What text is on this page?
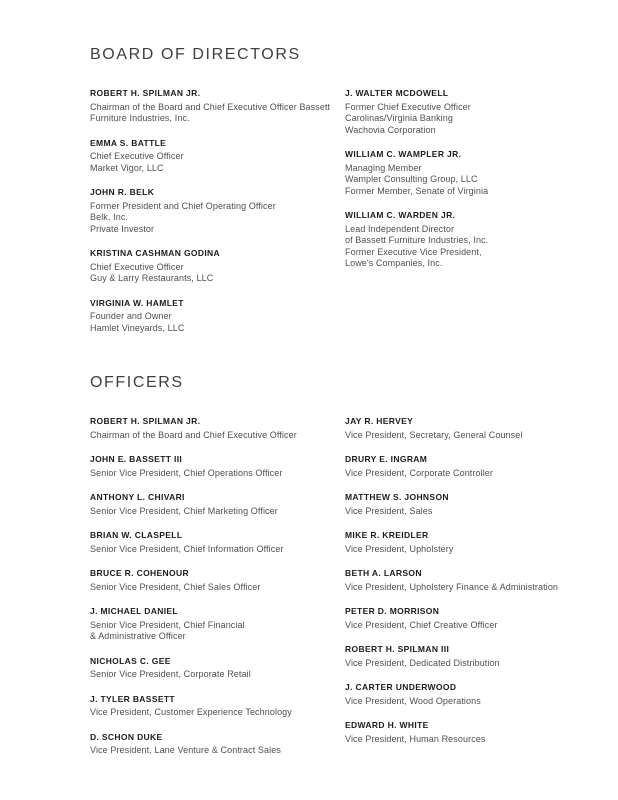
BOARD OF DIRECTORS
ROBERT H. SPILMAN JR.
Chairman of the Board and Chief Executive Officer Bassett
Furniture Industries, Inc.
EMMA S. BATTLE
Chief Executive Officer
Market Vigor, LLC
JOHN R. BELK
Former President and Chief Operating Officer
Belk, Inc.
Private Investor
KRISTINA CASHMAN GODINA
Chief Executive Officer
Guy & Larry Restaurants, LLC
VIRGINIA W. HAMLET
Founder and Owner
Hamlet Vineyards, LLC
J. WALTER MCDOWELL
Former Chief Executive Officer
Carolinas/Virginia Banking
Wachovia Corporation
WILLIAM C. WAMPLER JR.
Managing Member
Wampler Consulting Group, LLC
Former Member, Senate of Virginia
WILLIAM C. WARDEN JR.
Lead Independent Director
of Bassett Furniture Industries, Inc.
Former Executive Vice President,
Lowe's Companies, Inc.
OFFICERS
ROBERT H. SPILMAN JR.
Chairman of the Board and Chief Executive Officer
JOHN E. BASSETT III
Senior Vice President, Chief Operations Officer
ANTHONY L. CHIVARI
Senior Vice President, Chief Marketing Officer
BRIAN W. CLASPELL
Senior Vice President, Chief Information Officer
BRUCE R. COHENOUR
Senior Vice President, Chief Sales Officer
J. MICHAEL DANIEL
Senior Vice President, Chief Financial
& Administrative Officer
NICHOLAS C. GEE
Senior Vice President, Corporate Retail
J. TYLER BASSETT
Vice President, Customer Experience Technology
D. SCHON DUKE
Vice President, Lane Venture & Contract Sales
JAY R. HERVEY
Vice President, Secretary, General Counsel
DRURY E. INGRAM
Vice President, Corporate Controller
MATTHEW S. JOHNSON
Vice President, Sales
MIKE R. KREIDLER
Vice President, Upholstery
BETH A. LARSON
Vice President, Upholstery Finance & Administration
PETER D. MORRISON
Vice President, Chief Creative Officer
ROBERT H. SPILMAN III
Vice President, Dedicated Distribution
J. CARTER UNDERWOOD
Vice President, Wood Operations
EDWARD H. WHITE
Vice President, Human Resources
